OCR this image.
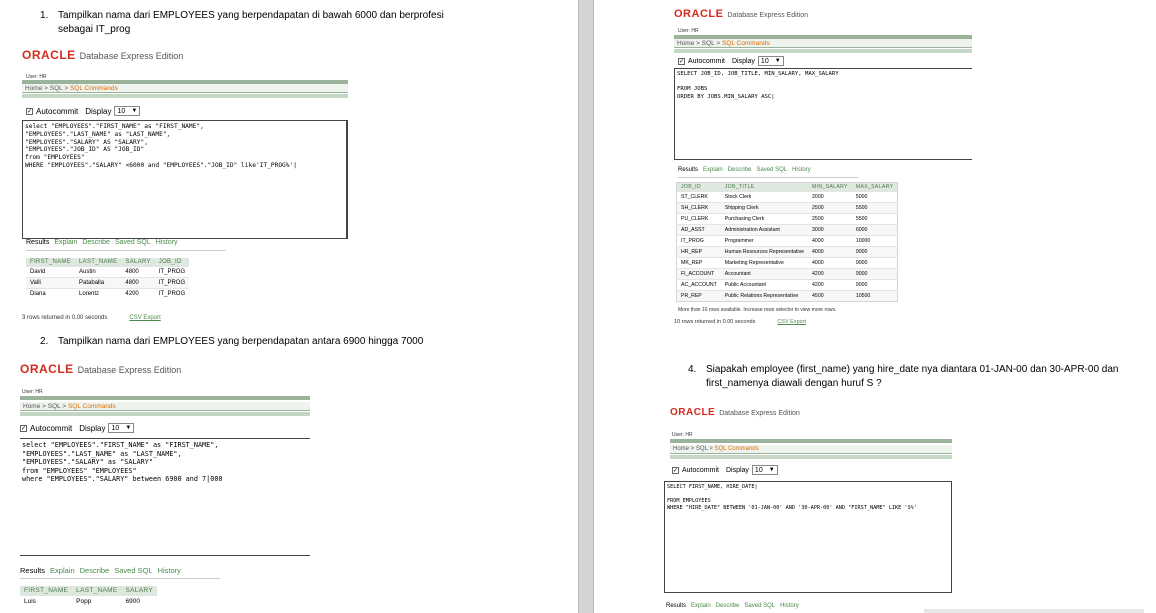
1. Tampilkan nama dari EMPLOYEES yang berpendapatan di bawah 6000 dan berprofesi
sebagai IT_prog
ORACLE Database Express Edition
User: HR
Home > SQL > SQL Commands
✓ Autocommit Display 10 ▼
select "EMPLOYEES"."FIRST_NAME" as "FIRST_NAME",
"EMPLOYEES"."LAST_NAME" as "LAST_NAME",
"EMPLOYEES"."SALARY" AS "SALARY",
"EMPLOYEES"."JOB_ID" AS "JOB_ID"
from "EMPLOYEES"
WHERE "EMPLOYEES"."SALARY" <6000 and "EMPLOYEES"."JOB_ID" like'IT_PROG%'|
Results Explain Describe Saved SQL History
FIRST_NAME	LAST_NAME	SALARY	JOB_ID
David	Austin	4800	IT_PROG
Valli	Pataballa	4800	IT_PROG
Diana	Lorentz	4200	IT_PROG
3 rows returned in 0.00 seconds	CSV Export
2. Tampilkan nama dari EMPLOYEES yang berpendapatan antara 6900 hingga 7000
ORACLE Database Express Edition
User: HR
Home > SQL > SQL Commands
✓ Autocommit Display 10 ▼
select "EMPLOYEES"."FIRST_NAME" as "FIRST_NAME",
"EMPLOYEES"."LAST_NAME" as "LAST_NAME",
"EMPLOYEES"."SALARY" as "SALARY"
from "EMPLOYEES" "EMPLOYEES"
where "EMPLOYEES"."SALARY" between 6900 and 7|000
Results Explain Describe Saved SQL History
FIRST_NAME	LAST_NAME	SALARY
Luis	Popp	6900
ORACLE Database Express Edition
User: HR
Home > SQL > SQL Commands
✓ Autocommit Display 10 ▼
SELECT JOB_ID, JOB_TITLE, MIN_SALARY, MAX_SALARY

FROM JOBS
ORDER BY JOBS.MIN_SALARY ASC|
Results Explain Describe Saved SQL History
JOB_ID	JOB_TITLE	MIN_SALARY	MAX_SALARY
ST_CLERK	Stock Clerk	2000	5000
SH_CLERK	Shipping Clerk	2500	5500
PU_CLERK	Purchasing Clerk	2500	5500
AD_ASST	Administration Assistant	3000	6000
IT_PROG	Programmer	4000	10000
HR_REP	Human Resources Representative	4000	9000
MK_REP	Marketing Representative	4000	9000
FI_ACCOUNT	Accountant	4200	9000
AC_ACCOUNT	Public Accountant	4200	9000
PR_REP	Public Relations Representative	4500	10500
More than 10 rows available. Increase rows selector to view more rows.
10 rows returned in 0.00 seconds	CSV Export
4. Siapakah employee (first_name) yang hire_date nya diantara 01-JAN-00 dan 30-APR-00 dan
first_namenya diawali dengan huruf S ?
ORACLE Database Express Edition
User: HR
Home > SQL > SQL Commands
✓ Autocommit Display 10 ▼
SELECT FIRST_NAME, HIRE_DATE|

FROM EMPLOYEES
WHERE "HIRE_DATE" BETWEEN '01-JAN-00' AND '30-APR-00' AND "FIRST_NAME" LIKE 'S%'
Results Explain Describe Saved SQL History
